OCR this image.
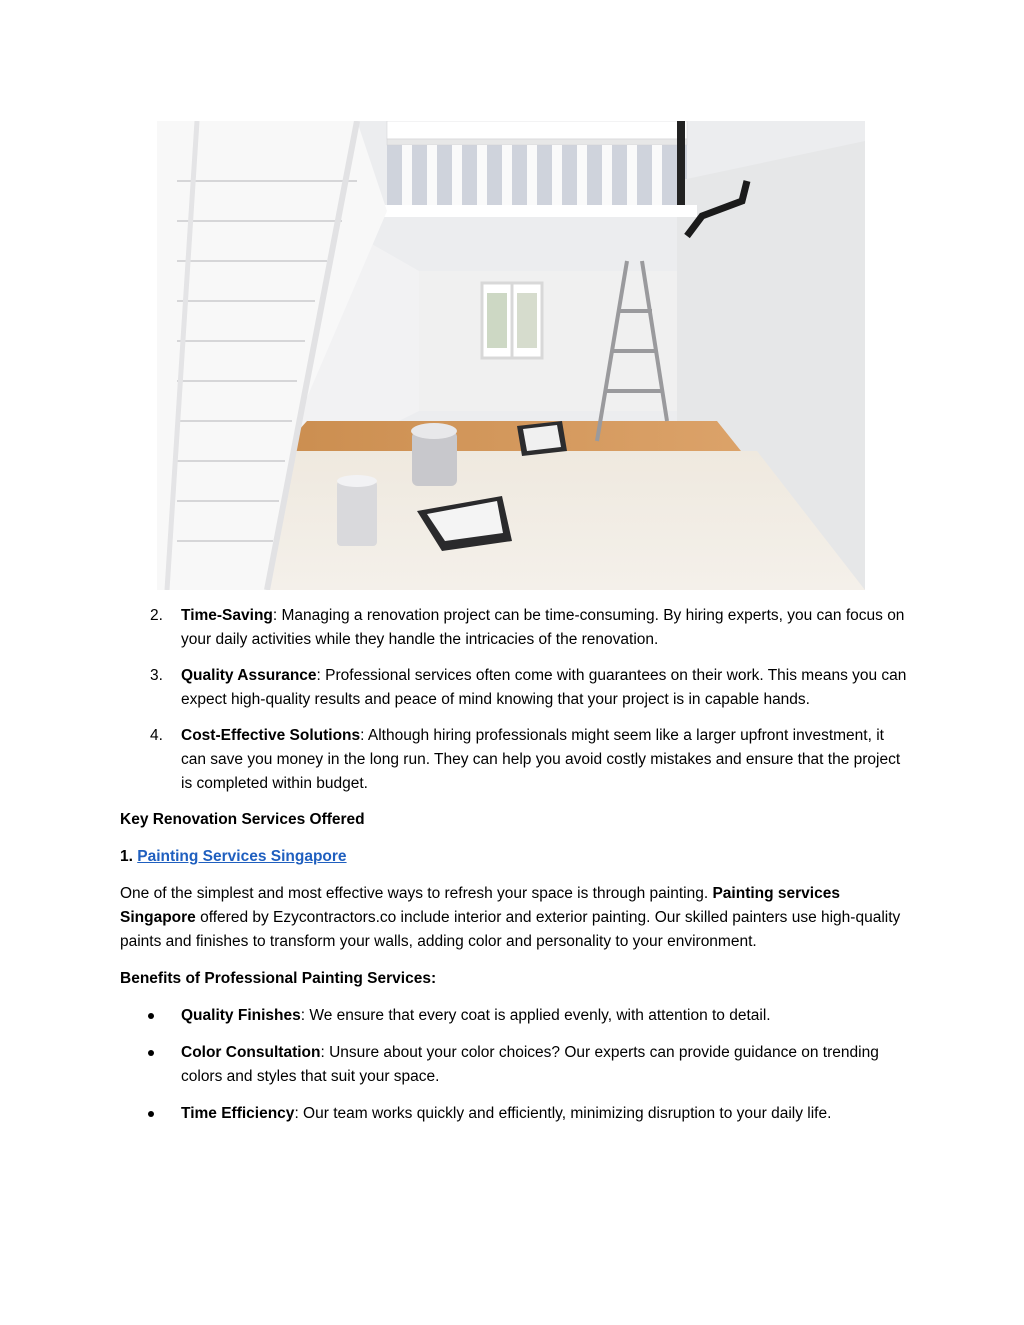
2. Time-Saving: Managing a renovation project can be time-consuming. By hiring experts, you can focus on your daily activities while they handle the intricacies of the renovation.
3. Quality Assurance: Professional services often come with guarantees on their work. This means you can expect high-quality results and peace of mind knowing that your project is in capable hands.
4. Cost-Effective Solutions: Although hiring professionals might seem like a larger upfront investment, it can save you money in the long run. They can help you avoid costly mistakes and ensure that the project is completed within budget.
Key Renovation Services Offered
1. Painting Services Singapore

One of the simplest and most effective ways to refresh your space is through painting. Painting services Singapore offered by Ezycontractors.co include interior and exterior painting. Our skilled painters use high-quality paints and finishes to transform your walls, adding color and personality to your environment.

Benefits of Professional Painting Services:
Quality Finishes: We ensure that every coat is applied evenly, with attention to detail.
Color Consultation: Unsure about your color choices? Our experts can provide guidance on trending colors and styles that suit your space.
Time Efficiency: Our team works quickly and efficiently, minimizing disruption to your daily life.
